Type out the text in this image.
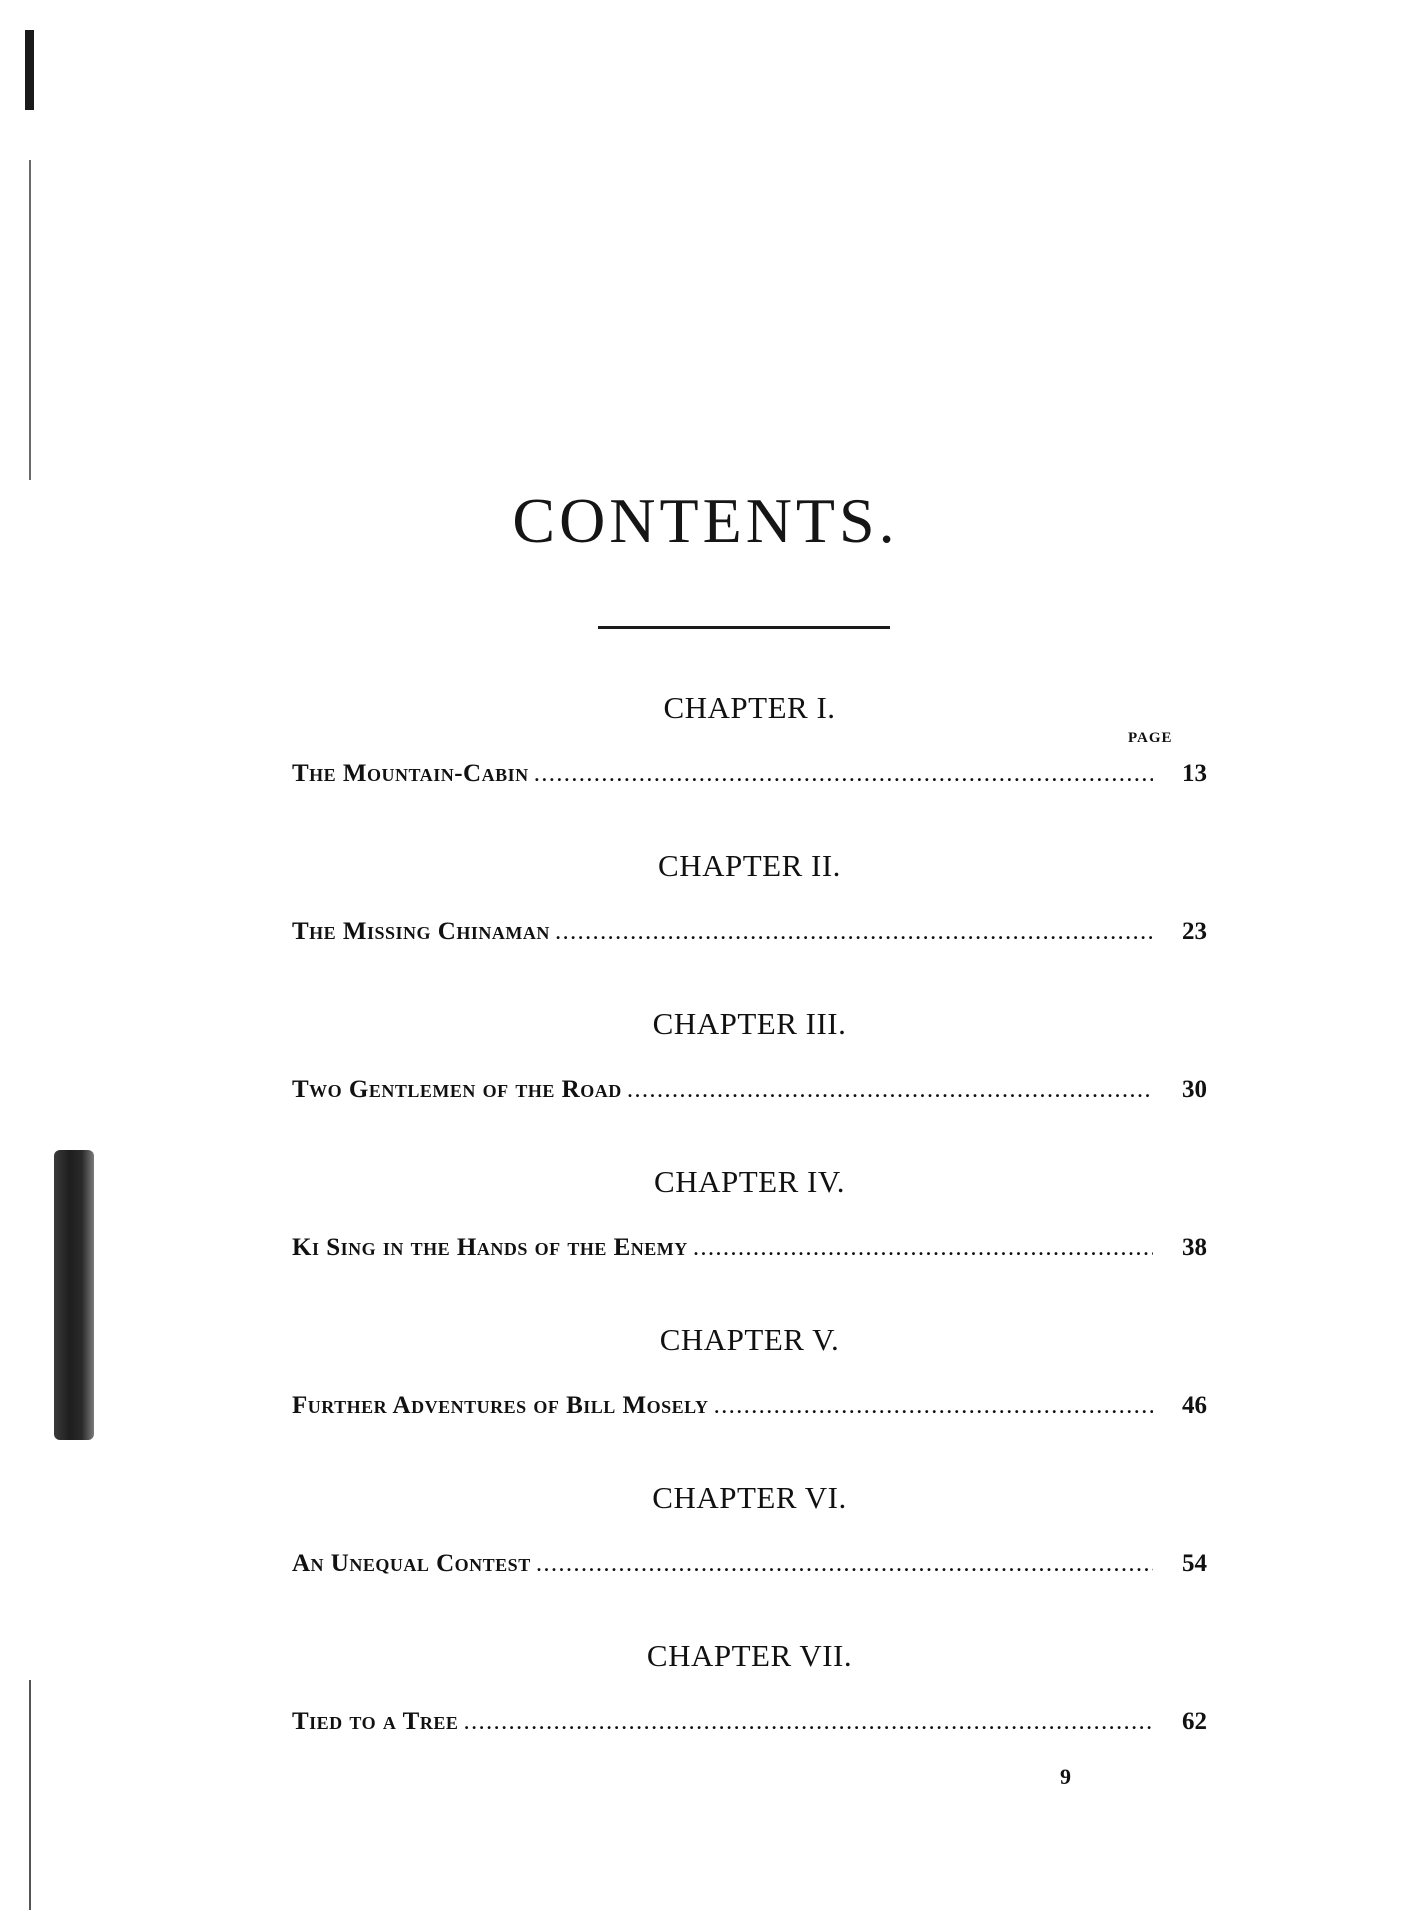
CONTENTS.
PAGE
CHAPTER I.
The Mountain-Cabin .....	13
CHAPTER II.
The Missing Chinaman .....	23
CHAPTER III.
Two Gentlemen of the Road .....	30
CHAPTER IV.
Ki Sing in the Hands of the Enemy .....	38
CHAPTER V.
Further Adventures of Bill Mosely .....	46
CHAPTER VI.
An Unequal Contest .....	54
CHAPTER VII.
Tied to a Tree .....	62
9
